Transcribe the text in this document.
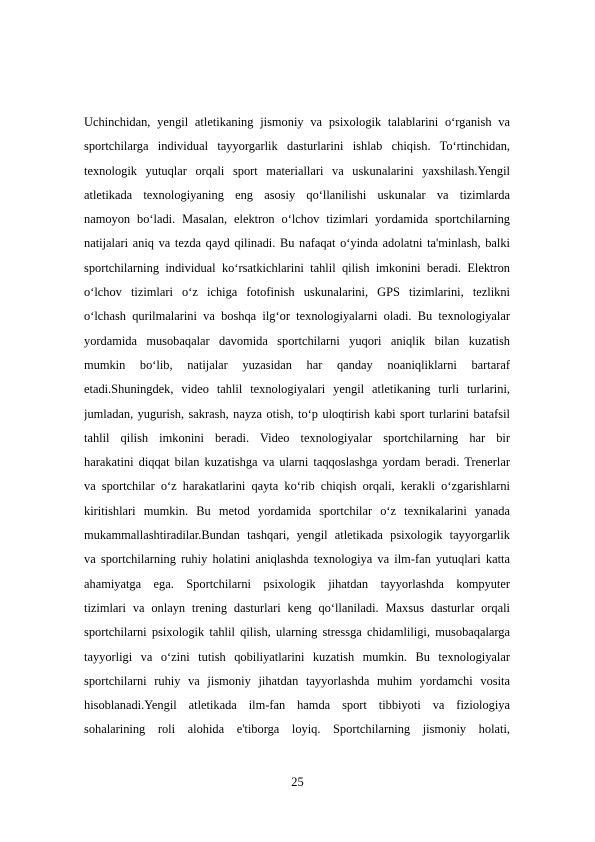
Uchinchidan, yengil atletikaning jismoniy va psixologik talablarini o‘rganish va
sportchilarga individual tayyorgarlik dasturlarini ishlab chiqish. To‘rtinchidan,
texnologik yutuqlar orqali sport materiallari va uskunalarini yaxshilash.Yengil
atletikada texnologiyaning eng asosiy qo‘llanilishi uskunalar va tizimlarda
namoyon bo‘ladi. Masalan, elektron o‘lchov tizimlari yordamida sportchilarning
natijalari aniq va tezda qayd qilinadi. Bu nafaqat o‘yinda adolatni ta'minlash, balki
sportchilarning individual ko‘rsatkichlarini tahlil qilish imkonini beradi. Elektron
o‘lchov tizimlari o‘z ichiga fotofinish uskunalarini, GPS tizimlarini, tezlikni
o‘lchash qurilmalarini va boshqa ilg‘or texnologiyalarni oladi. Bu texnologiyalar
yordamida musobaqalar davomida sportchilarni yuqori aniqlik bilan kuzatish
mumkin bo‘lib, natijalar yuzasidan har qanday noaniqliklarni bartaraf
etadi.Shuningdek, video tahlil texnologiyalari yengil atletikaning turli turlarini,
jumladan, yugurish, sakrash, nayza otish, to‘p uloqtirish kabi sport turlarini batafsil
tahlil qilish imkonini beradi. Video texnologiyalar sportchilarning har bir
harakatini diqqat bilan kuzatishga va ularni taqqoslashga yordam beradi. Trenerlar
va sportchilar o‘z harakatlarini qayta ko‘rib chiqish orqali, kerakli o‘zgarishlarni
kiritishlari mumkin. Bu metod yordamida sportchilar o‘z texnikalarini yanada
mukammallashtiradilar.Bundan tashqari, yengil atletikada psixologik tayyorgarlik
va sportchilarning ruhiy holatini aniqlashda texnologiya va ilm-fan yutuqlari katta
ahamiyatga ega. Sportchilarni psixologik jihatdan tayyorlashda kompyuter
tizimlari va onlayn trening dasturlari keng qo‘llaniladi. Maxsus dasturlar orqali
sportchilarni psixologik tahlil qilish, ularning stressga chidamliligi, musobaqalarga
tayyorligi va o‘zini tutish qobiliyatlarini kuzatish mumkin. Bu texnologiyalar
sportchilarni ruhiy va jismoniy jihatdan tayyorlashda muhim yordamchi vosita
hisoblanadi.Yengil atletikada ilm-fan hamda sport tibbiyoti va fiziologiya
sohalarining roli alohida e'tiborga loyiq. Sportchilarning jismoniy holati,
25
